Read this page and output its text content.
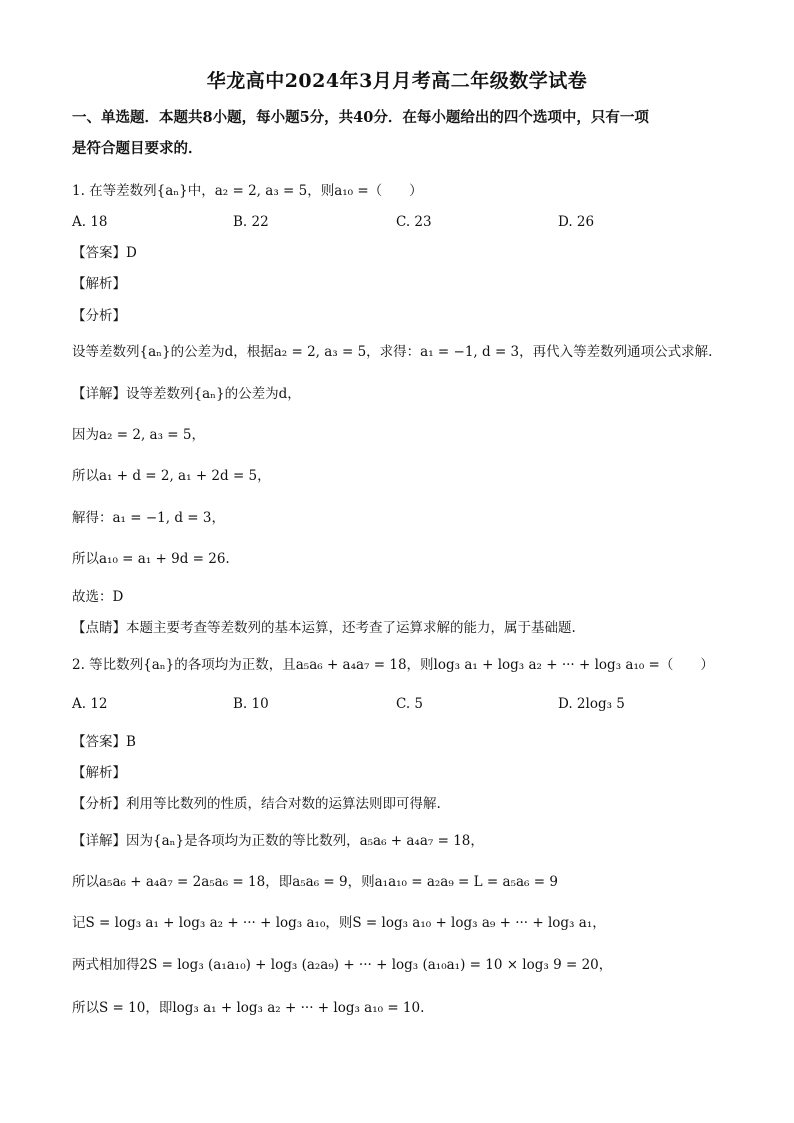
华龙高中2024年3月月考高二年级数学试卷
一、单选题．本题共8小题，每小题5分，共40分．在每小题给出的四个选项中，只有一项
是符合题目要求的．
1. 在等差数列{aₙ}中，a₂ = 2, a₃ = 5，则a₁₀ =（　　）
A. 18	B. 22	C. 23	D. 26
【答案】D
【解析】
【分析】
设等差数列{aₙ}的公差为d，根据a₂ = 2, a₃ = 5，求得：a₁ = −1, d = 3，再代入等差数列通项公式求解.
【详解】设等差数列{aₙ}的公差为d，
因为a₂ = 2, a₃ = 5，
所以a₁ + d = 2, a₁ + 2d = 5，
解得：a₁ = −1, d = 3，
所以a₁₀ = a₁ + 9d = 26.
故选：D
【点睛】本题主要考查等差数列的基本运算，还考查了运算求解的能力，属于基础题.
2. 等比数列{aₙ}的各项均为正数，且a₅a₆ + a₄a₇ = 18，则log₃ a₁ + log₃ a₂ + ··· + log₃ a₁₀ =（　　）
A. 12	B. 10	C. 5	D. 2log₃ 5
【答案】B
【解析】
【分析】利用等比数列的性质，结合对数的运算法则即可得解.
【详解】因为{aₙ}是各项均为正数的等比数列，a₅a₆ + a₄a₇ = 18，
所以a₅a₆ + a₄a₇ = 2a₅a₆ = 18，即a₅a₆ = 9，则a₁a₁₀ = a₂a₉ = L = a₅a₆ = 9
记S = log₃ a₁ + log₃ a₂ + ··· + log₃ a₁₀，则S = log₃ a₁₀ + log₃ a₉ + ··· + log₃ a₁，
两式相加得2S = log₃ (a₁a₁₀) + log₃ (a₂a₉) + ··· + log₃ (a₁₀a₁) = 10 × log₃ 9 = 20，
所以S = 10，即log₃ a₁ + log₃ a₂ + ··· + log₃ a₁₀ = 10.
